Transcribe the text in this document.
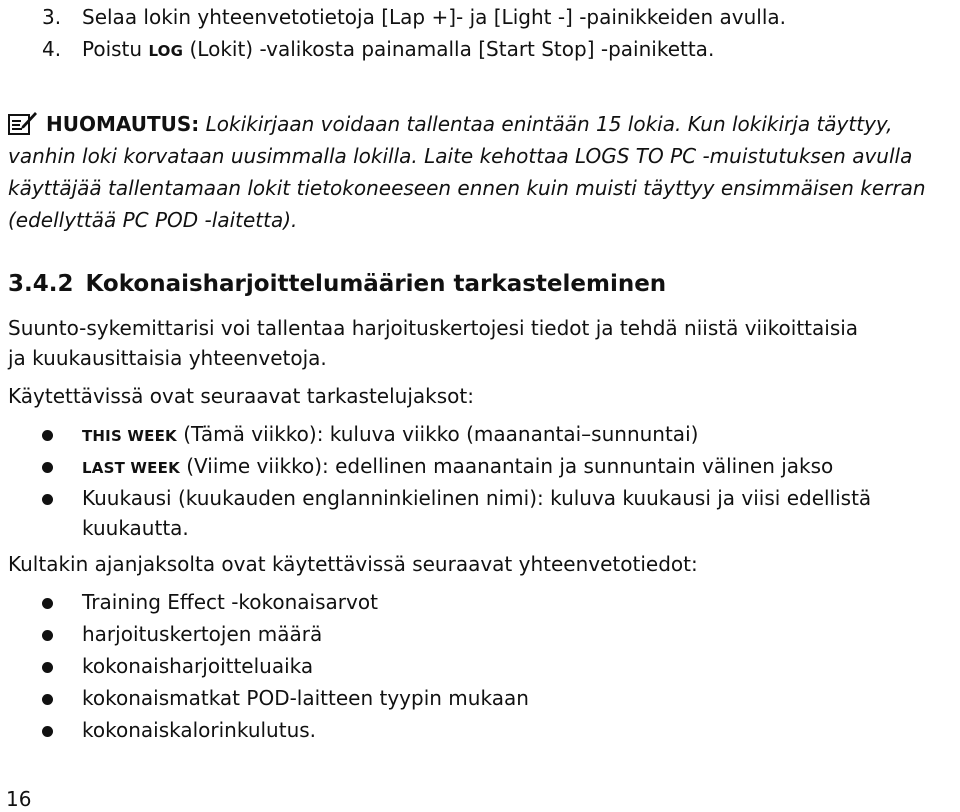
3. Selaa lokin yhteenvetotietoja [Lap +]- ja [Light -] -painikkeiden avulla.
4. Poistu LOG (Lokit) -valikosta painamalla [Start Stop] -painiketta.
HUOMAUTUS: Lokikirjaan voidaan tallentaa enintään 15 lokia. Kun lokikirja täyttyy,
vanhin loki korvataan uusimmalla lokilla. Laite kehottaa LOGS TO PC -muistutuksen avulla
käyttäjää tallentamaan lokit tietokoneeseen ennen kuin muisti täyttyy ensimmäisen kerran
(edellyttää PC POD -laitetta).
3.4.2 Kokonaisharjoittelumäärien tarkasteleminen
Suunto-sykemittarisi voi tallentaa harjoituskertojesi tiedot ja tehdä niistä viikoittaisia
ja kuukausittaisia yhteenvetoja.
Käytettävissä ovat seuraavat tarkastelujaksot:
THIS WEEK (Tämä viikko): kuluva viikko (maanantai–sunnuntai)
LAST WEEK (Viime viikko): edellinen maanantain ja sunnuntain välinen jakso
Kuukausi (kuukauden englanninkielinen nimi): kuluva kuukausi ja viisi edellistä
kuukautta.
Kultakin ajanjaksolta ovat käytettävissä seuraavat yhteenvetotiedot:
Training Effect -kokonaisarvot
harjoituskertojen määrä
kokonaisharjoitteluaika
kokonaismatkat POD-laitteen tyypin mukaan
kokonaiskalorinkulutus.
16
